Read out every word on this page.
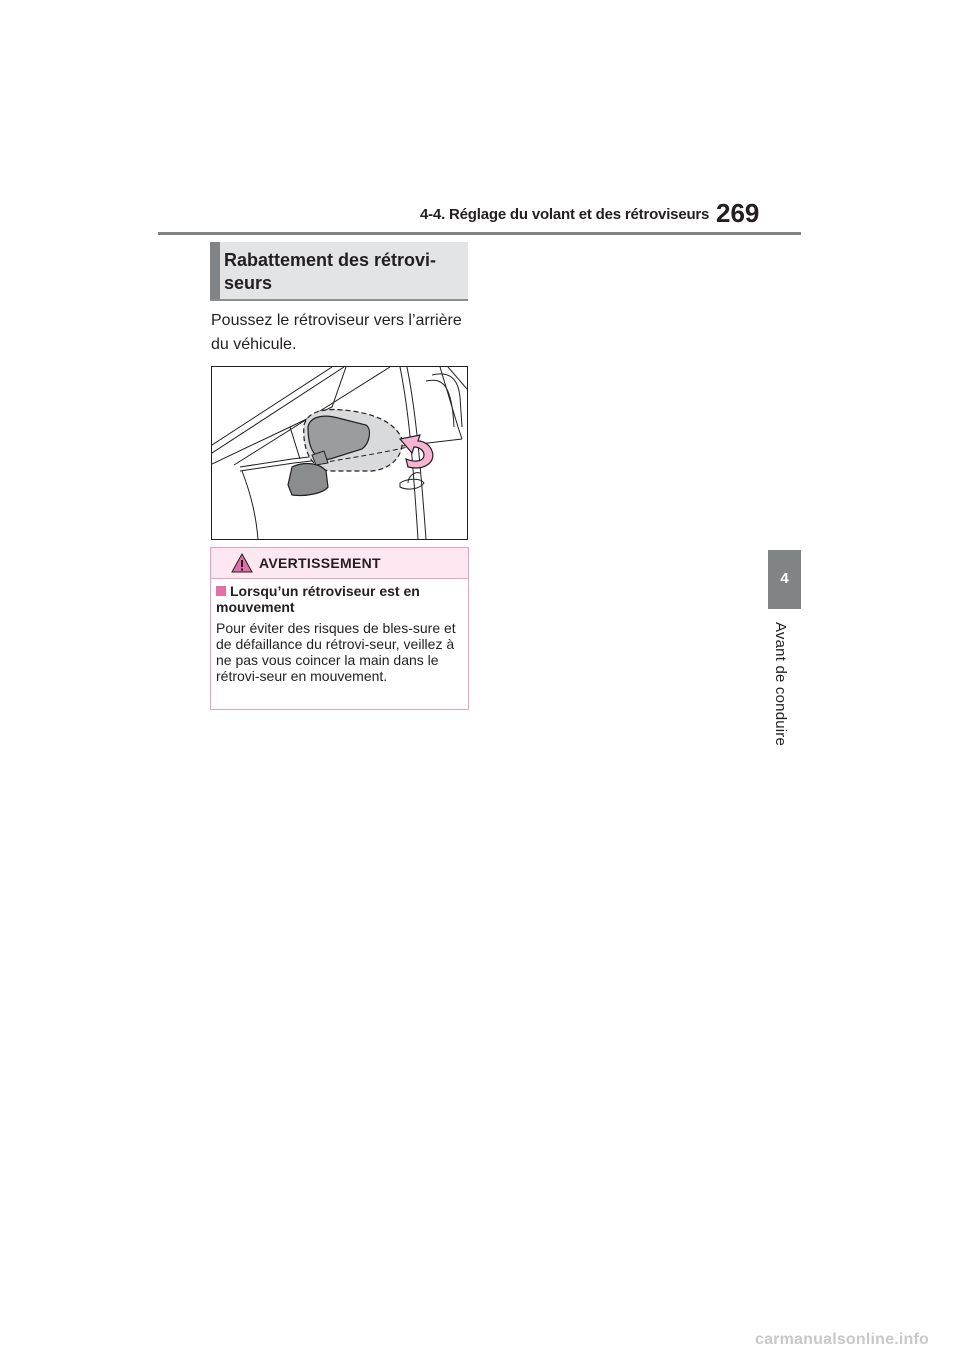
4-4. Réglage du volant et des rétroviseurs 269
4
Avant de conduire
Rabattement des rétrovi-seurs
Poussez le rétroviseur vers l’arrière du véhicule.
AVERTISSEMENT
Lorsqu’un rétroviseur est en mouvement
Pour éviter des risques de bles-sure et de défaillance du rétrovi-seur, veillez à ne pas vous coincer la main dans le rétrovi-seur en mouvement.
carmanualsonline.info
